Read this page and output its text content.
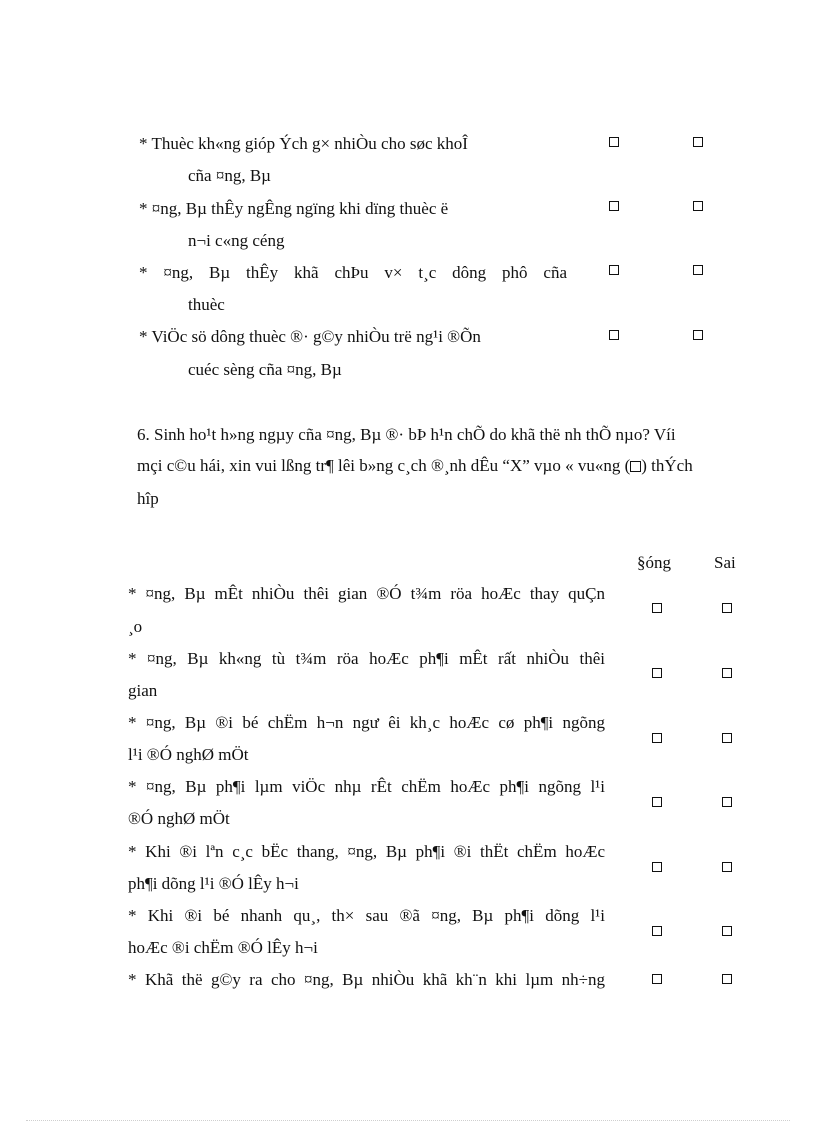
* Thuèc kh«ng gióp Ých g× nhiÒu cho søc khoÎ
cña ¤ng, Bµ
* ¤ng, Bµ thÊy ngÊng ngïng khi dïng thuèc ë
n¬i c«ng céng
* ¤ng, Bµ thÊy khã chÞu v× t¸c dông phô cña
thuèc
* ViÖc sö dông thuèc ®· g©y nhiÒu trë ng¹i ®Õn
cuéc sèng cña ¤ng, Bµ
6. Sinh ho¹t h»ng ngµy cña ¤ng, Bµ ®· bÞ h¹n chÕ do khã thë nh thÕ nµo? Víi
mçi c©u hái, xin vui lßng tr¶ lêi b»ng c¸ch ®¸nh dÊu “X” vµo « vu«ng ( ) thÝch
hîp
§óng	Sai
* ¤ng, Bµ mÊt nhiÒu thêi gian ®Ó t¾m röa hoÆc thay quÇn
¸o
* ¤ng, Bµ kh«ng tù t¾m röa hoÆc ph¶i mÊt rất nhiÒu thêi
gian
* ¤ng, Bµ ®i bé chËm h¬n ngư êi kh¸c hoÆc cø ph¶i ngõng
l¹i ®Ó nghØ mÖt
* ¤ng, Bµ ph¶i lµm viÖc nhµ rÊt chËm hoÆc ph¶i ngõng l¹i
®Ó nghØ mÖt
* Khi ®i lªn c¸c bËc thang, ¤ng, Bµ ph¶i ®i thËt chËm hoÆc
ph¶i dõng l¹i ®Ó lÊy h¬i
* Khi ®i bé nhanh qu¸, th× sau ®ã ¤ng, Bµ ph¶i dõng l¹i
hoÆc ®i chËm ®Ó lÊy h¬i
* Khã thë g©y ra cho ¤ng, Bµ nhiÒu khã kh¨n khi lµm nh÷ng
